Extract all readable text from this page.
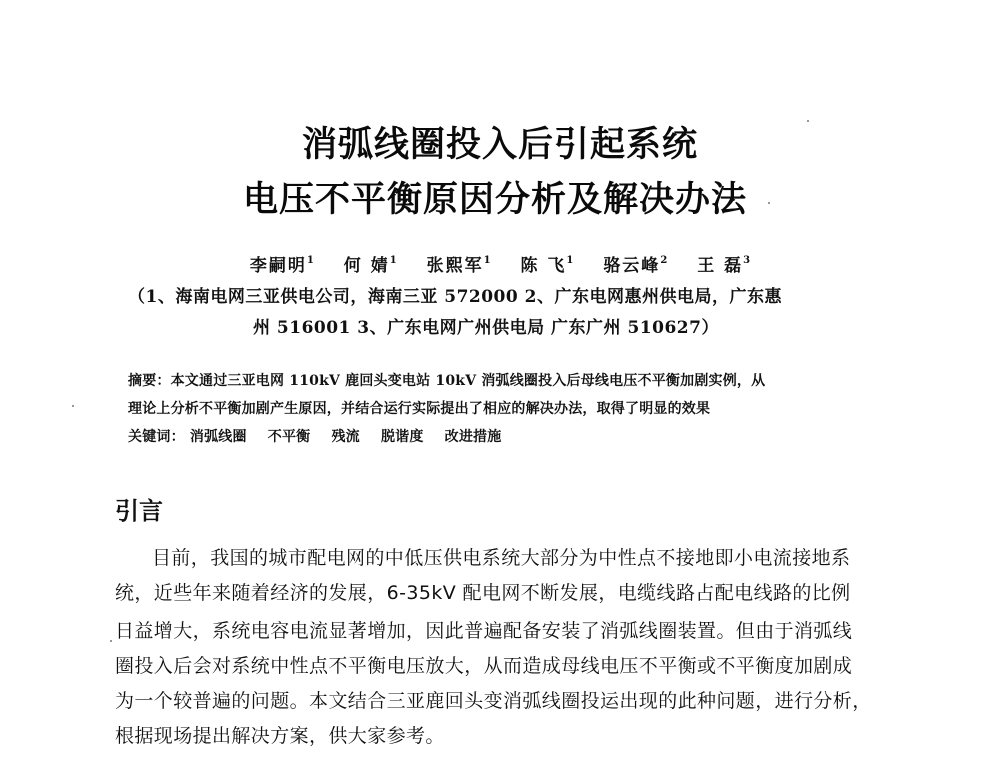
消弧线圈投入后引起系统
电压不平衡原因分析及解决办法
李嗣明$^1$ 何 婧$^1$ 张熙军$^1$ 陈 飞$^1$ 骆云峰$^2$ 王 磊$^3$
（1、海南电网三亚供电公司，海南三亚 572000 2、广东电网惠州供电局，广东惠
州 516001 3、广东电网广州供电局 广东广州 510627）
摘要：本文通过三亚电网 110kV 鹿回头变电站 10kV 消弧线圈投入后母线电压不平衡加剧实例，从
理论上分析不平衡加剧产生原因，并结合运行实际提出了相应的解决办法，取得了明显的效果
关键词： 消弧线圈 不平衡 残流 脱谐度 改进措施
引言
目前，我国的城市配电网的中低压供电系统大部分为中性点不接地即小电流接地系
统，近些年来随着经济的发展，6-35kV 配电网不断发展，电缆线路占配电线路的比例
日益增大，系统电容电流显著增加，因此普遍配备安装了消弧线圈装置。但由于消弧线
圈投入后会对系统中性点不平衡电压放大，从而造成母线电压不平衡或不平衡度加剧成
为一个较普遍的问题。本文结合三亚鹿回头变消弧线圈投运出现的此种问题，进行分析，
根据现场提出解决方案，供大家参考。
